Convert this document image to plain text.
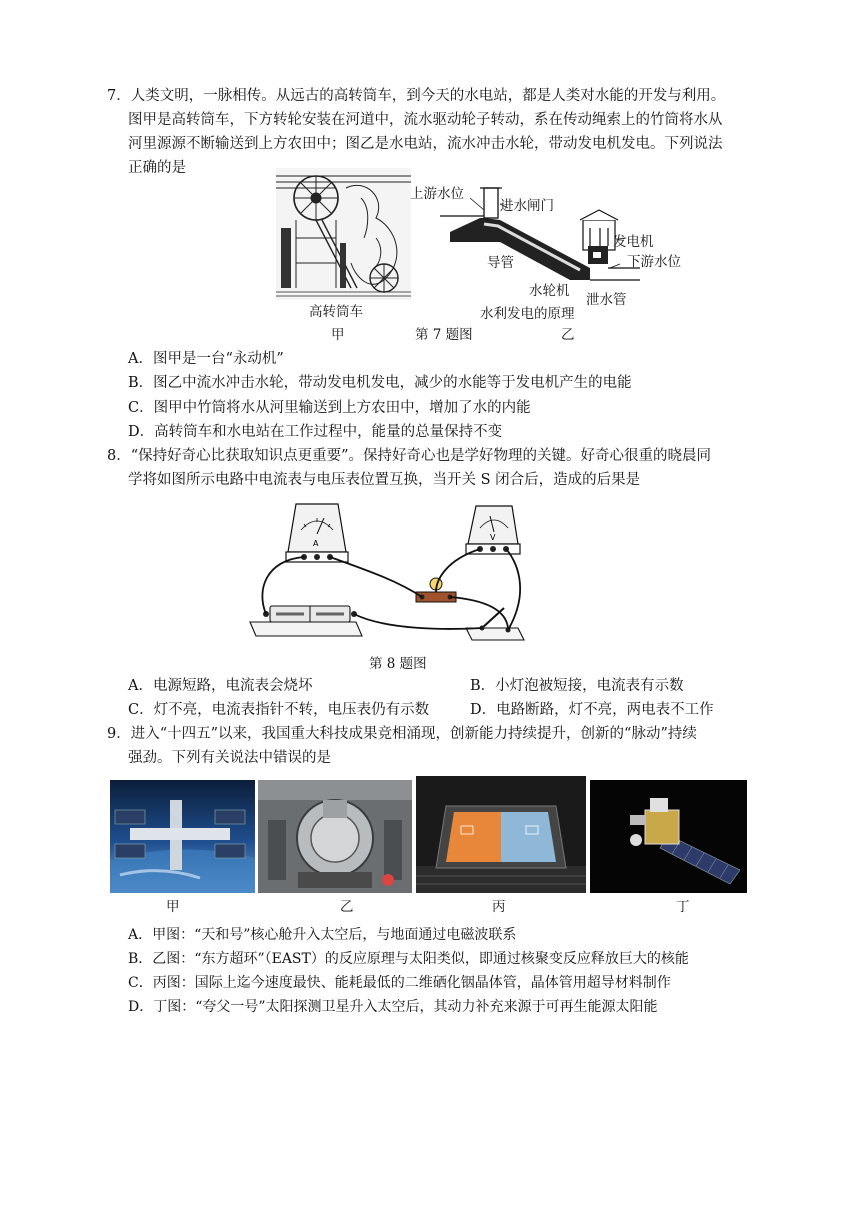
7．人类文明，一脉相传。从远古的高转筒车，到今天的水电站，都是人类对水能的开发与利用。
图甲是高转筒车，下方转轮安装在河道中，流水驱动轮子转动，系在传动绳索上的竹筒将水从
河里源源不断输送到上方农田中；图乙是水电站，流水冲击水轮，带动发电机发电。下列说法
正确的是
高转筒车
甲	第 7 题图	乙
上游水位
进水闸门
发电机
下游水位
导管
水轮机
泄水管
水利发电的原理
A．图甲是一台“永动机”
B．图乙中流水冲击水轮，带动发电机发电，减少的水能等于发电机产生的电能
C．图甲中竹筒将水从河里输送到上方农田中，增加了水的内能
D．高转筒车和水电站在工作过程中，能量的总量保持不变
8．“保持好奇心比获取知识点更重要”。保持好奇心也是学好物理的关键。好奇心很重的晓晨同
学将如图所示电路中电流表与电压表位置互换，当开关 S 闭合后，造成的后果是
A
V
第 8 题图
A．电源短路，电流表会烧坏	B．小灯泡被短接，电流表有示数
C．灯不亮，电流表指针不转，电压表仍有示数	D．电路断路，灯不亮，两电表不工作
9．进入“十四五”以来，我国重大科技成果竞相涌现，创新能力持续提升，创新的“脉动”持续
强劲。下列有关说法中错误的是
甲	乙	丙	丁
A．甲图：“天和号”核心舱升入太空后，与地面通过电磁波联系
B．乙图：“东方超环”（EAST）的反应原理与太阳类似，即通过核聚变反应释放巨大的核能
C．丙图：国际上迄今速度最快、能耗最低的二维硒化铟晶体管，晶体管用超导材料制作
D．丁图：“夸父一号”太阳探测卫星升入太空后，其动力补充来源于可再生能源太阳能
